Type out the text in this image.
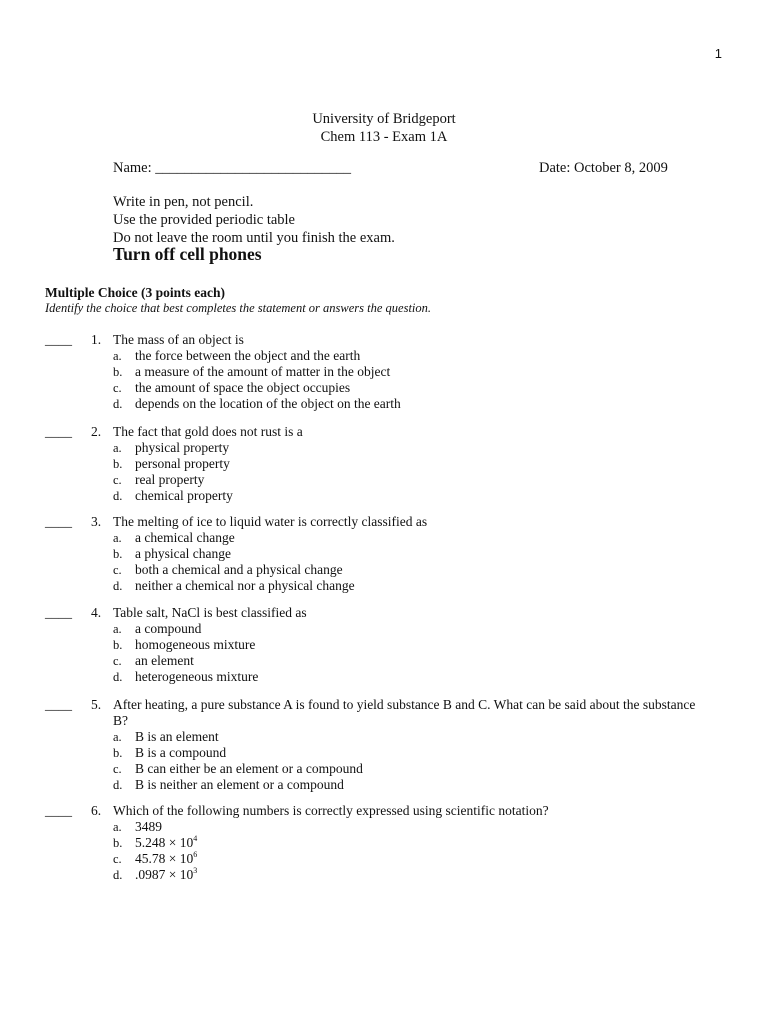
1
University of Bridgeport
Chem 113 - Exam 1A
Name: ___________________________	Date: October 8, 2009
Write in pen, not pencil.
Use the provided periodic table
Do not leave the room until you finish the exam.
Turn off cell phones
Multiple Choice (3 points each)
Identify the choice that best completes the statement or answers the question.
____ 1. The mass of an object is
a. the force between the object and the earth
b. a measure of the amount of matter in the object
c. the amount of space the object occupies
d. depends on the location of the object on the earth
____ 2. The fact that gold does not rust is a
a. physical property
b. personal property
c. real property
d. chemical property
____ 3. The melting of ice to liquid water is correctly classified as
a. a chemical change
b. a physical change
c. both a chemical and a physical change
d. neither a chemical nor a physical change
____ 4. Table salt, NaCl is best classified as
a. a compound
b. homogeneous mixture
c. an element
d. heterogeneous mixture
____ 5. After heating, a pure substance A is found to yield substance B and C. What can be said about the substance
B?
a. B is an element
b. B is a compound
c. B can either be an element or a compound
d. B is neither an element or a compound
____ 6. Which of the following numbers is correctly expressed using scientific notation?
a. 3489
b. $5.248 \times 10^4$
c. $45.78 \times 10^6$
d. $.0987 \times 10^3$
